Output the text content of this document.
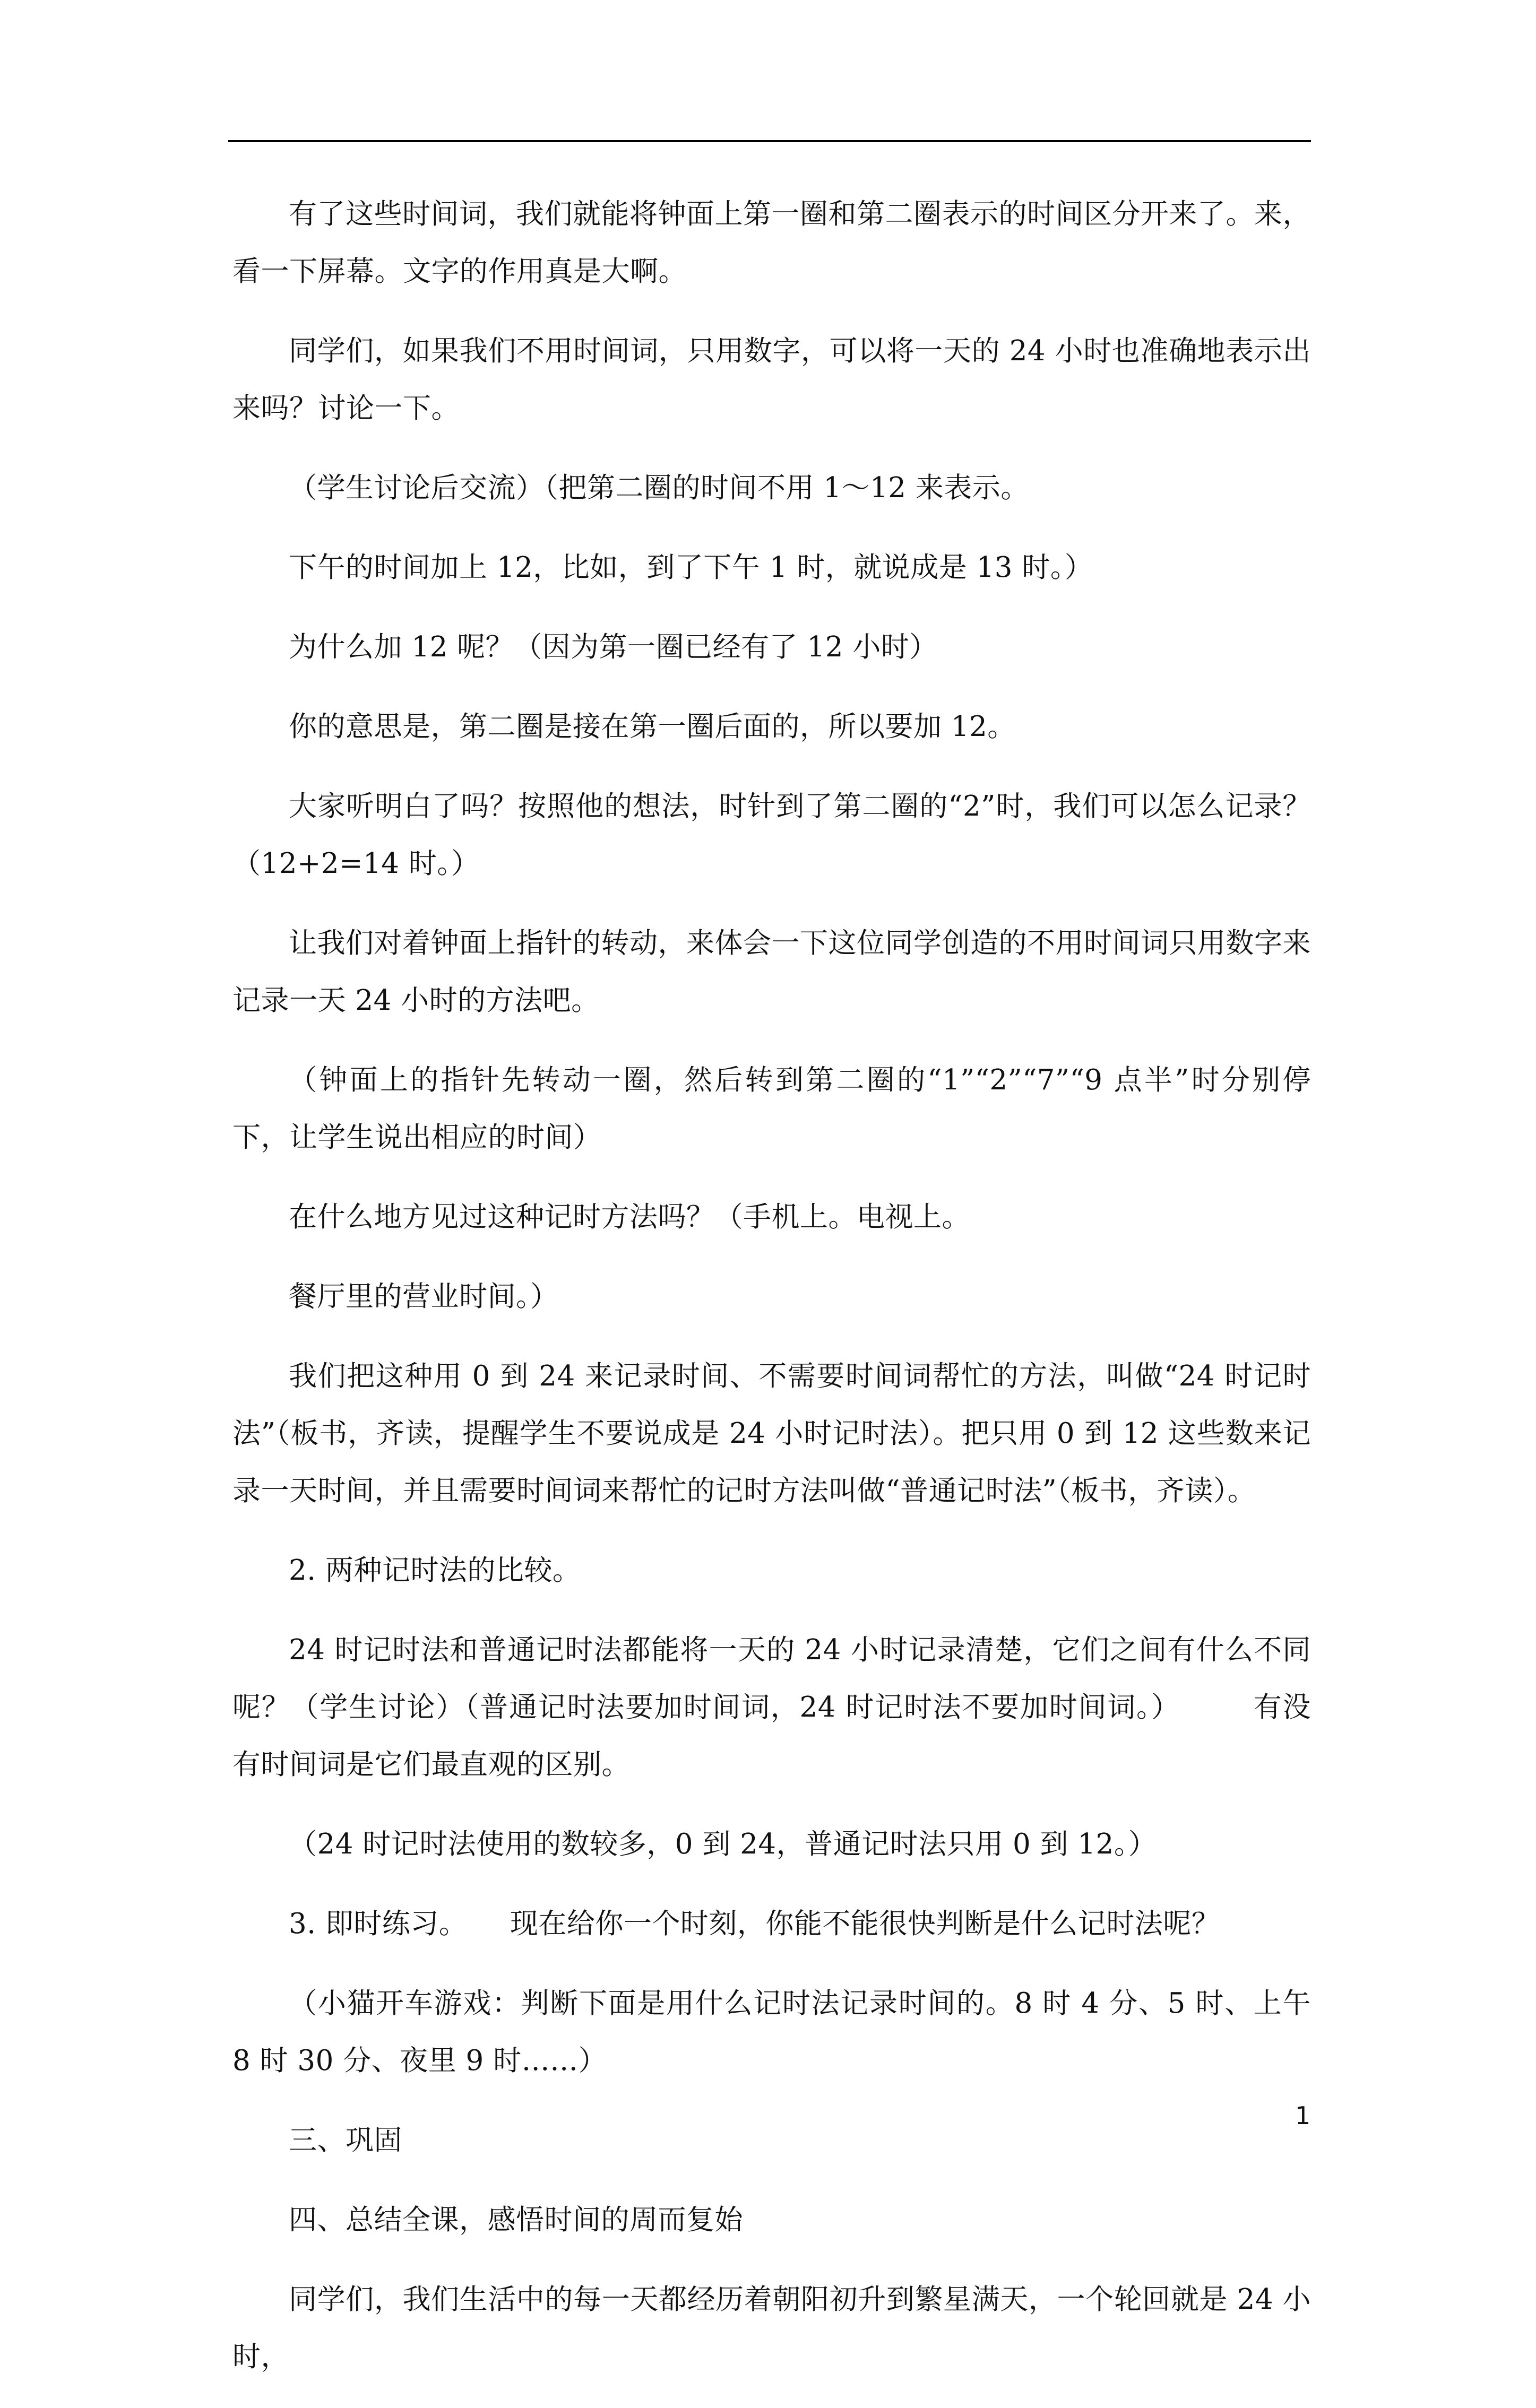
有了这些时间词，我们就能将钟面上第一圈和第二圈表示的时间区分开来了。来，看一下屏幕。文字的作用真是大啊。

同学们，如果我们不用时间词，只用数字，可以将一天的 24 小时也准确地表示出来吗？讨论一下。

（学生讨论后交流）（把第二圈的时间不用 1～12 来表示。

下午的时间加上 12，比如，到了下午 1 时，就说成是 13 时。）

为什么加 12 呢？（因为第一圈已经有了 12 小时）

你的意思是，第二圈是接在第一圈后面的，所以要加 12。

大家听明白了吗？按照他的想法，时针到了第二圈的“2”时，我们可以怎么记录？（12+2=14 时。）

让我们对着钟面上指针的转动，来体会一下这位同学创造的不用时间词只用数字来记录一天 24 小时的方法吧。

（钟面上的指针先转动一圈，然后转到第二圈的“1”“2”“7”“9 点半”时分别停下，让学生说出相应的时间）

在什么地方见过这种记时方法吗？（手机上。电视上。

餐厅里的营业时间。）

我们把这种用 0 到 24 来记录时间、不需要时间词帮忙的方法，叫做“24 时记时法”（板书，齐读，提醒学生不要说成是 24 小时记时法）。把只用 0 到 12 这些数来记录一天时间，并且需要时间词来帮忙的记时方法叫做“普通记时法”（板书，齐读）。

2. 两种记时法的比较。

24 时记时法和普通记时法都能将一天的 24 小时记录清楚，它们之间有什么不同呢？（学生讨论）（普通记时法要加时间词，24 时记时法不要加时间词。）　　　有没有时间词是它们最直观的区别。

（24 时记时法使用的数较多，0 到 24，普通记时法只用 0 到 12。）

3. 即时练习。　　现在给你一个时刻，你能不能很快判断是什么记时法呢？

（小猫开车游戏：判断下面是用什么记时法记录时间的。8 时 4 分、5 时、上午 8 时 30 分、夜里 9 时……）

三、巩固

四、总结全课，感悟时间的周而复始

同学们，我们生活中的每一天都经历着朝阳初升到繁星满天，一个轮回就是 24 小时，

1
